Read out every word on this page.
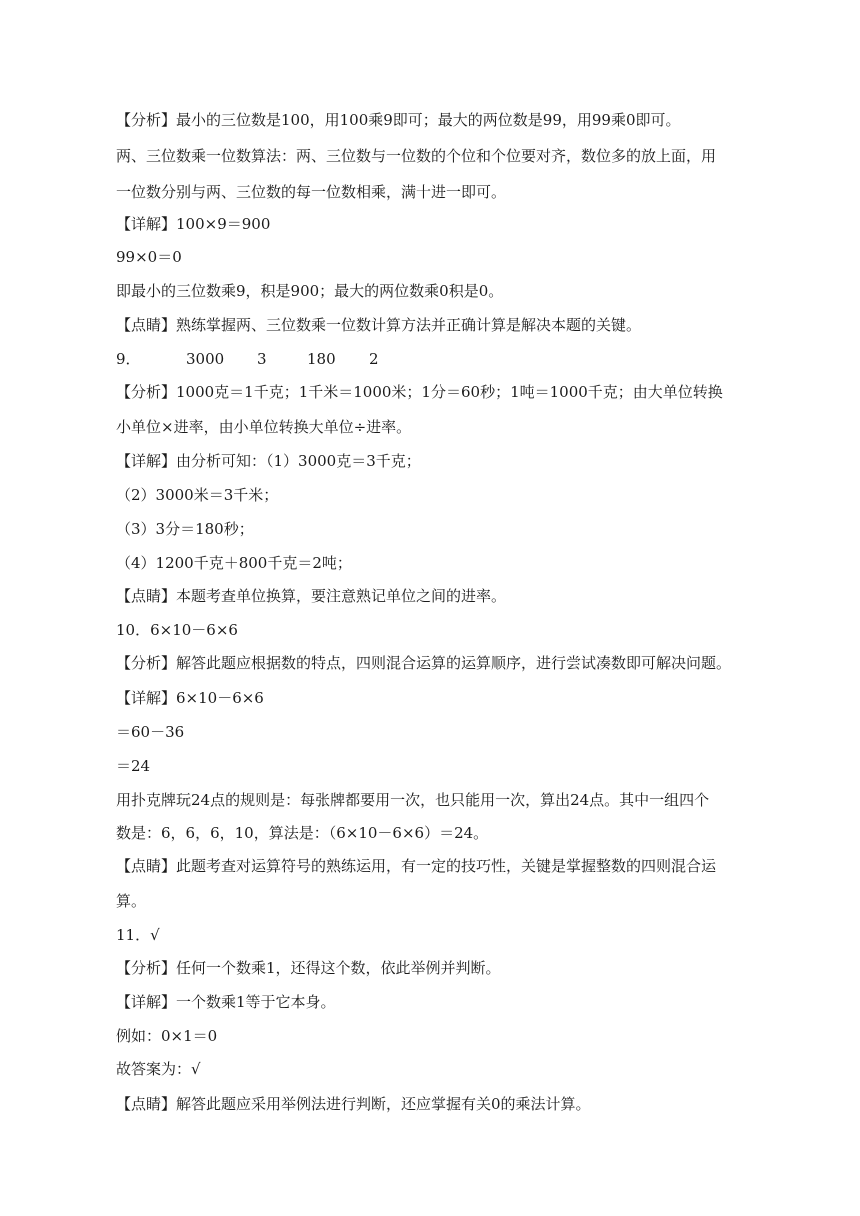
【分析】最小的三位数是100，用100乘9即可；最大的两位数是99，用99乘0即可。
两、三位数乘一位数算法：两、三位数与一位数的个位和个位要对齐，数位多的放上面，用
一位数分别与两、三位数的每一位数相乘，满十进一即可。
【详解】100×9＝900
99×0＝0
即最小的三位数乘9，积是900；最大的两位数乘0积是0。
【点睛】熟练掌握两、三位数乘一位数计算方法并正确计算是解决本题的关键。
9．	3000 3	180 2
【分析】1000克＝1千克；1千米＝1000米；1分＝60秒；1吨＝1000千克；由大单位转换
小单位×进率，由小单位转换大单位÷进率。
【详解】由分析可知：（1）3000克＝3千克；
（2）3000米＝3千米；
（3）3分＝180秒；
（4）1200千克＋800千克＝2吨；
【点睛】本题考查单位换算，要注意熟记单位之间的进率。
10．6×10－6×6
【分析】解答此题应根据数的特点，四则混合运算的运算顺序，进行尝试凑数即可解决问题。
【详解】6×10－6×6
＝60－36
＝24
用扑克牌玩24点的规则是：每张牌都要用一次，也只能用一次，算出24点。其中一组四个
数是：6，6，6，10，算法是：（6×10－6×6）＝24。
【点睛】此题考查对运算符号的熟练运用，有一定的技巧性，关键是掌握整数的四则混合运
算。
11．√
【分析】任何一个数乘1，还得这个数，依此举例并判断。
【详解】一个数乘1等于它本身。
例如：0×1＝0
故答案为：√
【点睛】解答此题应采用举例法进行判断，还应掌握有关0的乘法计算。
